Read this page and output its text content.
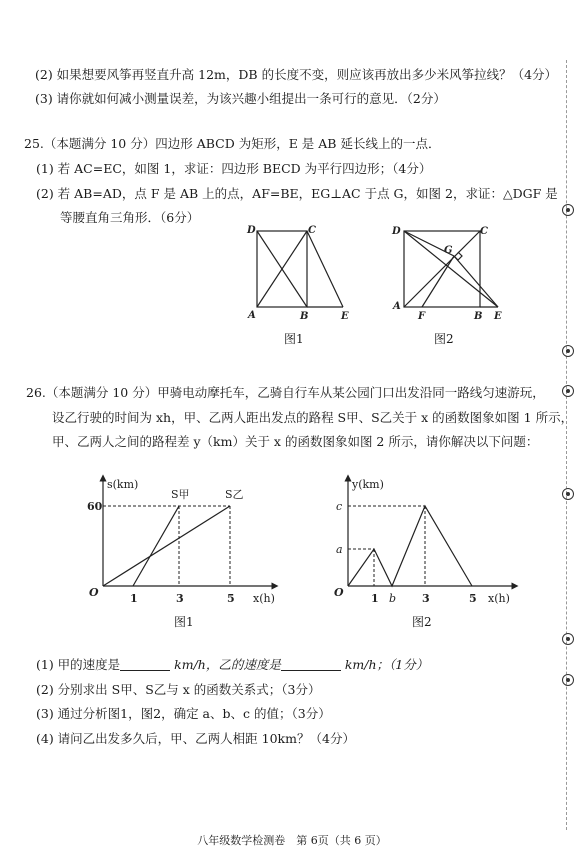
(2) 如果想要风筝再竖直升高 12m，DB 的长度不变，则应该再放出多少米风筝拉线？（4分）
(3) 请你就如何减小测量误差，为该兴趣小组提出一条可行的意见．（2分）
25.（本题满分 10 分）四边形 ABCD 为矩形，E 是 AB 延长线上的一点．
(1) 若 AC=EC，如图 1，求证：四边形 BECD 为平行四边形；（4分）
(2) 若 AB=AD，点 F 是 AB 上的点，AF=BE，EG⊥AC 于点 G，如图 2，求证：△DGF 是
等腰直角三角形．（6分）
D	C
A	B	E
图1
D	C
G
A
F	B E
图2
26.（本题满分 10 分）甲骑电动摩托车，乙骑自行车从某公园门口出发沿同一路线匀速游玩，
设乙行驶的时间为 xh，甲、乙两人距出发点的路程 S甲、S乙关于 x 的函数图象如图 1 所示，
甲、乙两人之间的路程差 y（km）关于 x 的函数图象如图 2 所示，请你解决以下问题：
s(km)
60
O	1	3	5 x(h)
S甲	S乙
图1
y(km)
c
a
O 1 b 3	5 x(h)
图2
(1) 甲的速度是	km/h，乙的速度是	km/h；（1分）
(2) 分别求出 S甲、S乙与 x 的函数关系式；（3分）
(3) 通过分析图1，图2，确定 a、b、c 的值；（3分）
(4) 请问乙出发多久后，甲、乙两人相距 10km？（4分）
八年级数学检测卷　第 6页（共 6 页）
